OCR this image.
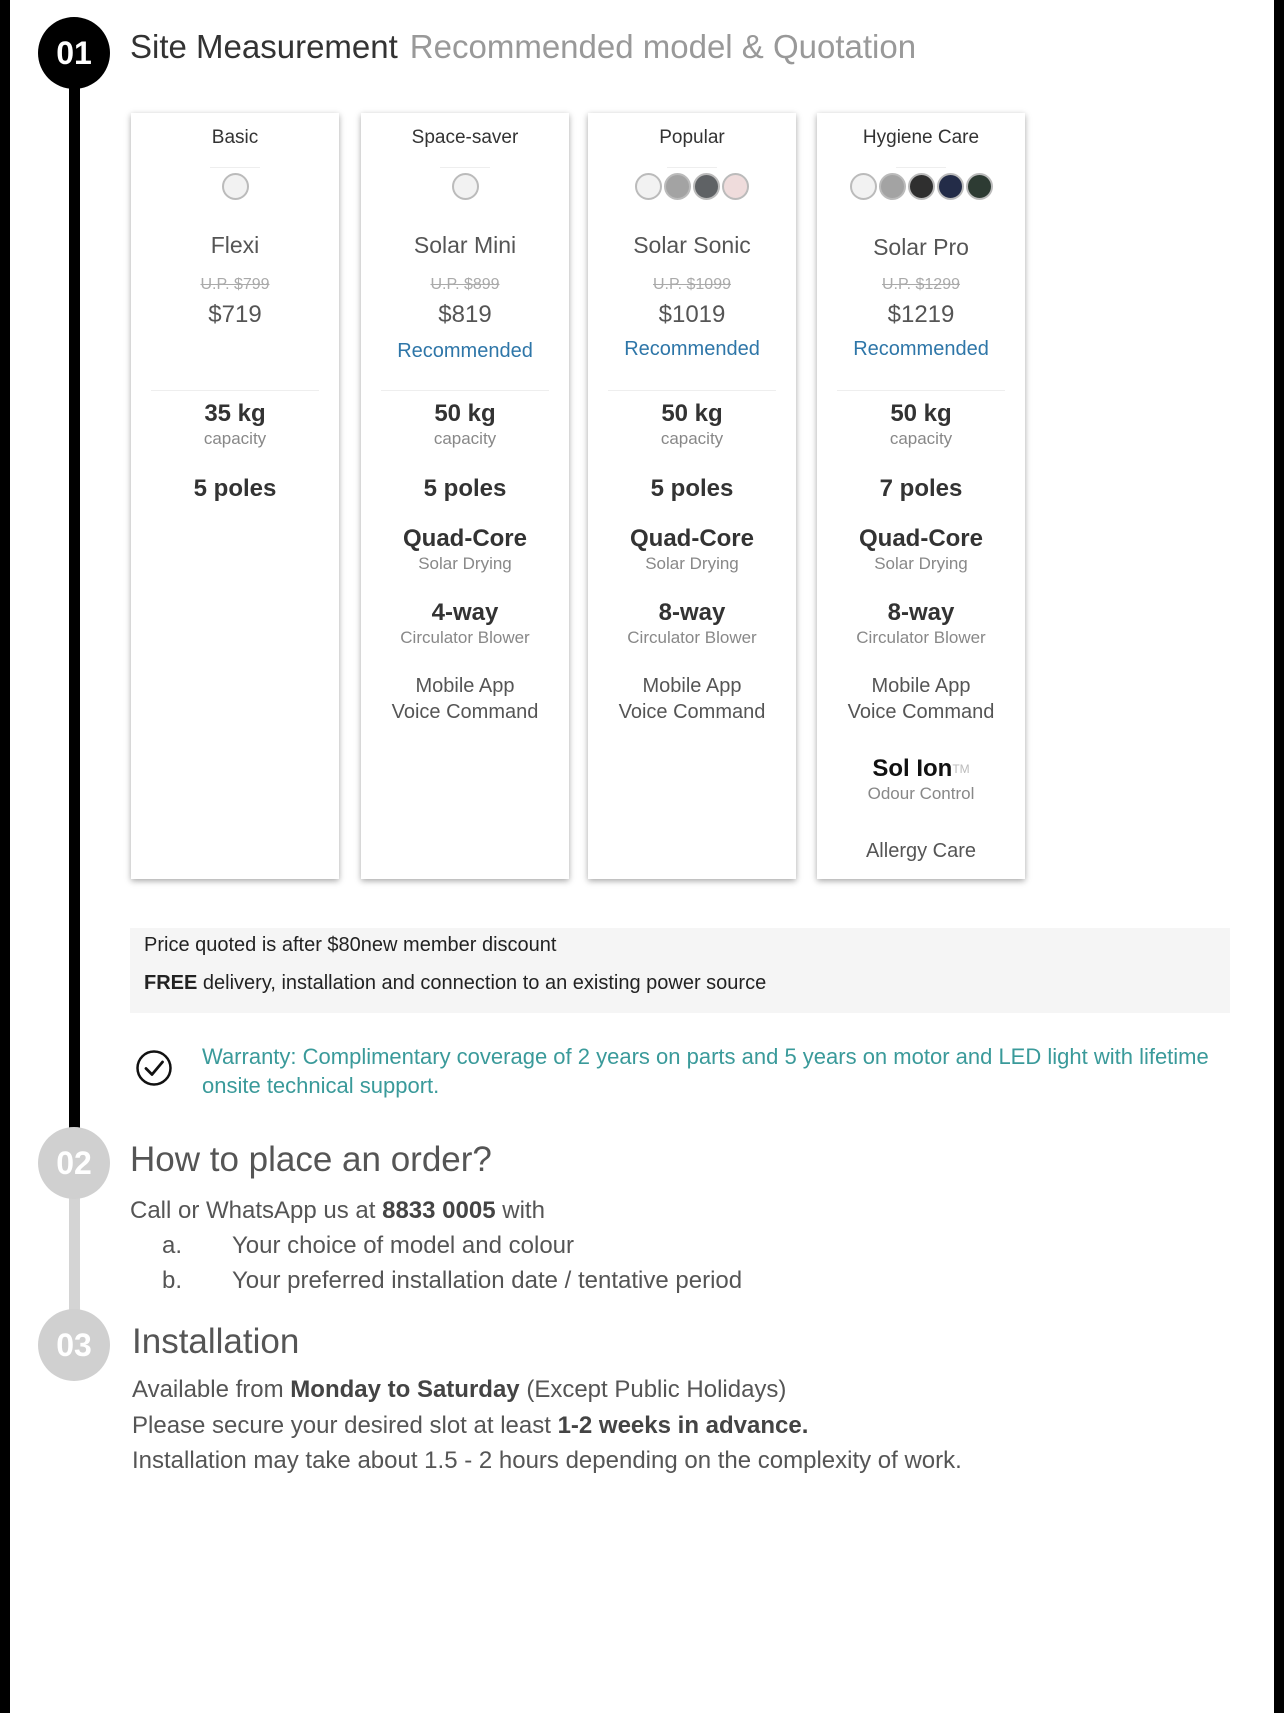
01	Site Measurement Recommended model & Quotation
Basic
Flexi
U.P. $799
$719
35 kg
capacity
5 poles
Space-saver
Solar Mini
U.P. $899
$819
Recommended
50 kg
capacity
5 poles
Quad-Core
Solar Drying
4-way
Circulator Blower
Mobile App
Voice Command
Popular
Solar Sonic
U.P. $1099
$1019
Recommended
50 kg
capacity
5 poles
Quad-Core
Solar Drying
8-way
Circulator Blower
Mobile App
Voice Command
Hygiene Care
Solar Pro
U.P. $1299
$1219
Recommended
50 kg
capacity
7 poles
Quad-Core
Solar Drying
8-way
Circulator Blower
Mobile App
Voice Command
Sol Ion™
Odour Control
Allergy Care
Price quoted is after $80new member discount
FREE delivery, installation and connection to an existing power source
Warranty: Complimentary coverage of 2 years on parts and 5 years on motor and LED light with lifetime onsite technical support.
02	How to place an order?
Call or WhatsApp us at 8833 0005 with
a. Your choice of model and colour
b. Your preferred installation date / tentative period
03	Installation
Available from Monday to Saturday (Except Public Holidays)
Please secure your desired slot at least 1-2 weeks in advance.
Installation may take about 1.5 - 2 hours depending on the complexity of work.
